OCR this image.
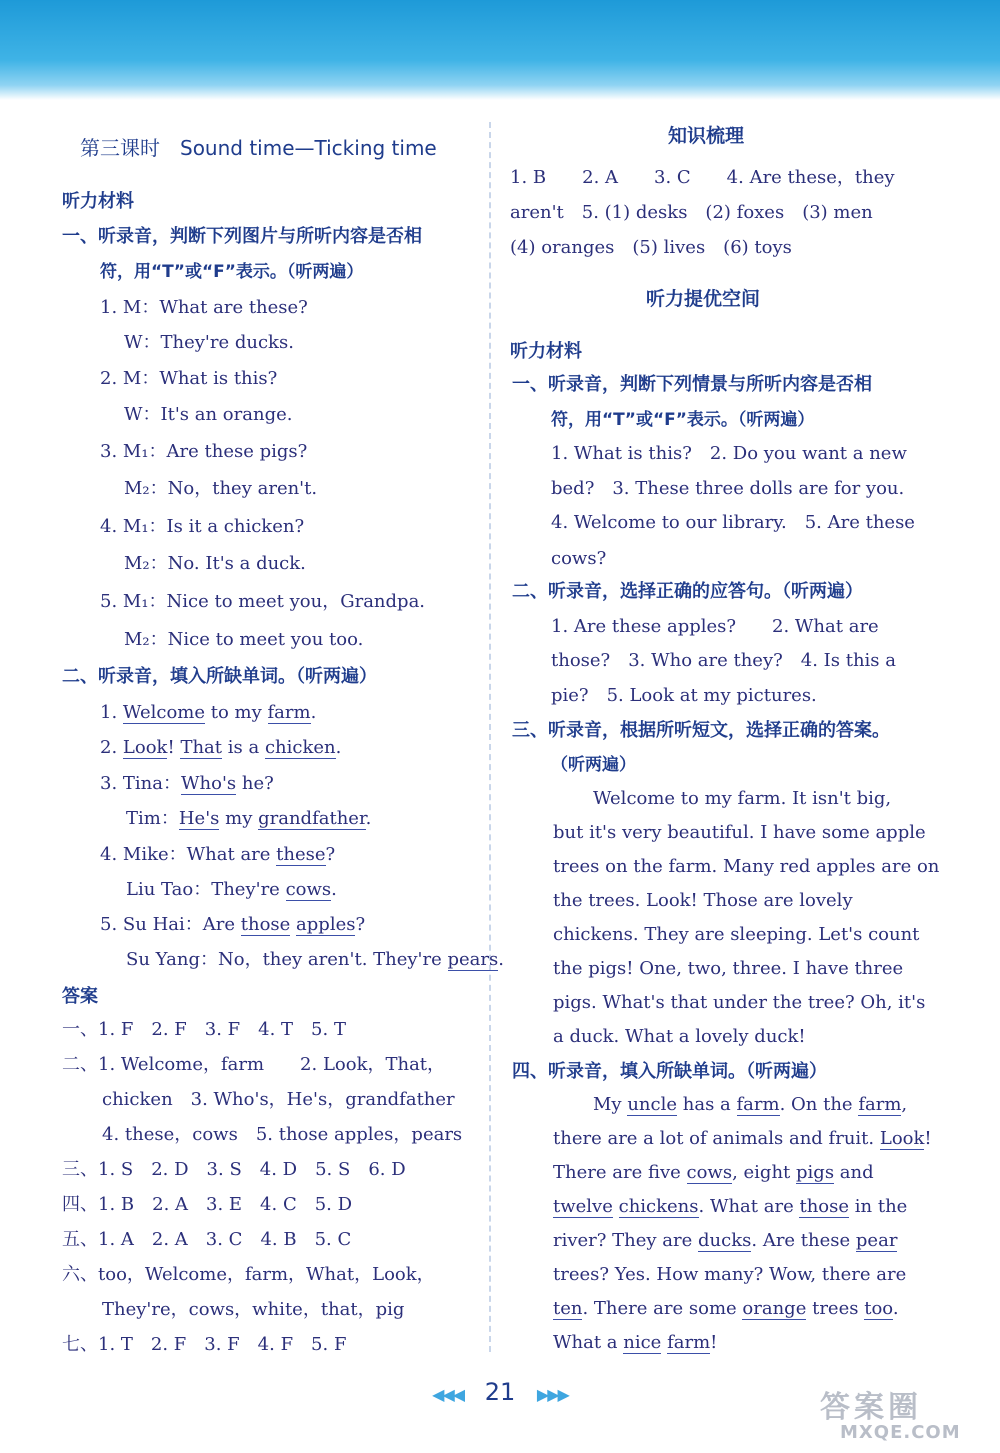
第三课时　Sound time—Ticking time
听力材料
一、听录音，判断下列图片与所听内容是否相
符，用“T”或“F”表示。（听两遍）
1. M：What are these?
W：They're ducks.
2. M：What is this?
W：It's an orange.
3. M₁：Are these pigs?
M₂：No，they aren't.
4. M₁：Is it a chicken?
M₂：No. It's a duck.
5. M₁：Nice to meet you，Grandpa.
M₂：Nice to meet you too.
二、听录音，填入所缺单词。（听两遍）
1. Welcome to my farm.
2. Look! That is a chicken.
3. Tina：Who's he?
Tim：He's my grandfather.
4. Mike：What are these?
Liu Tao：They're cows.
5. Su Hai：Are those apples?
Su Yang：No，they aren't. They're pears.
答案
一、1. F　2. F　3. F　4. T　5. T
二、1. Welcome，farm　　2. Look，That，
chicken　3. Who's，He's，grandfather
4. these，cows　5. those apples，pears
三、1. S　2. D　3. S　4. D　5. S　6. D
四、1. B　2. A　3. E　4. C　5. D
五、1. A　2. A　3. C　4. B　5. C
六、too，Welcome，farm，What，Look，
They're，cows，white，that，pig
七、1. T　2. F　3. F　4. F　5. F
知识梳理
1. B　　2. A　　3. C　　4. Are these，they
aren't　5. (1) desks　(2) foxes　(3) men
(4) oranges　(5) lives　(6) toys
听力提优空间
听力材料
一、听录音，判断下列情景与所听内容是否相
符，用“T”或“F”表示。（听两遍）
1. What is this?　2. Do you want a new
bed?　3. These three dolls are for you.
4. Welcome to our library.　5. Are these
cows?
二、听录音，选择正确的应答句。（听两遍）
1. Are these apples?　　2. What are
those?　3. Who are they?　4. Is this a
pie?　5. Look at my pictures.
三、听录音，根据所听短文，选择正确的答案。
（听两遍）
Welcome to my farm. It isn't big,
but it's very beautiful. I have some apple
trees on the farm. Many red apples are on
the trees. Look! Those are lovely
chickens. They are sleeping. Let's count
the pigs! One, two, three. I have three
pigs. What's that under the tree? Oh, it's
a duck. What a lovely duck!
四、听录音，填入所缺单词。（听两遍）
My uncle has a farm. On the farm,
there are a lot of animals and fruit. Look!
There are five cows, eight pigs and
twelve chickens. What are those in the
river? They are ducks. Are these pear
trees? Yes. How many? Wow, there are
ten. There are some orange trees too.
What a nice farm!
◀◀◀ 21 ▶▶▶	答案圈
MXQE.COM
